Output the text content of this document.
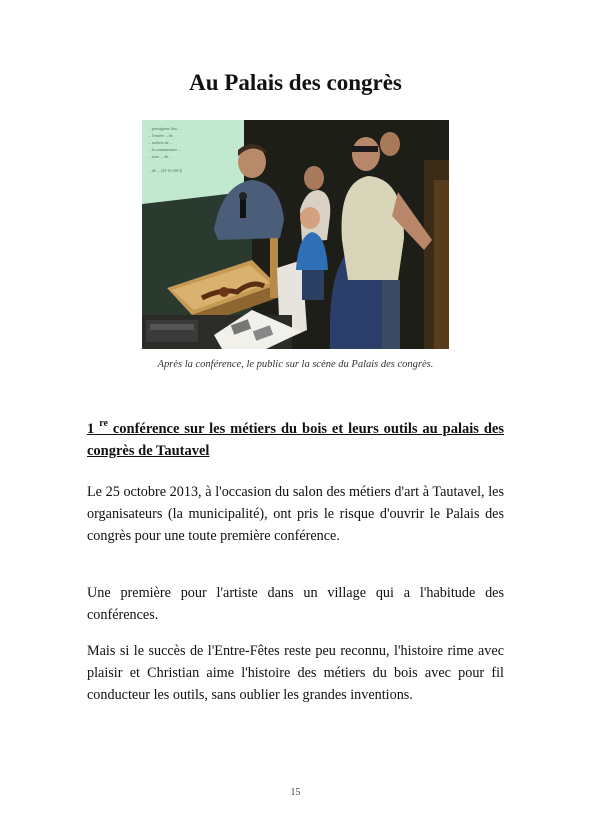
Au Palais des congrès
... prestigieux lieu...
... l'entrée ... les
... métiers de ...
... la connaissance ...
... avec ... de ...
... de ... (25-10-2013)
Après la conférence, le public sur la scène du Palais des congrès.
1 $^{re}$ conférence sur les métiers du bois et leurs outils au palais des congrès de Tautavel

Le 25 octobre 2013, à l'occasion du salon des métiers d'art à Tautavel, les organisateurs (la municipalité), ont pris le risque d'ouvrir le Palais des congrès pour une toute première conférence.

Une première pour l'artiste dans un village qui a l'habitude des conférences.

Mais si le succès de l'Entre-Fêtes reste peu reconnu, l'histoire rime avec plaisir et Christian aime l'histoire des métiers du bois avec pour fil conducteur les outils, sans oublier les grandes inventions.

15
